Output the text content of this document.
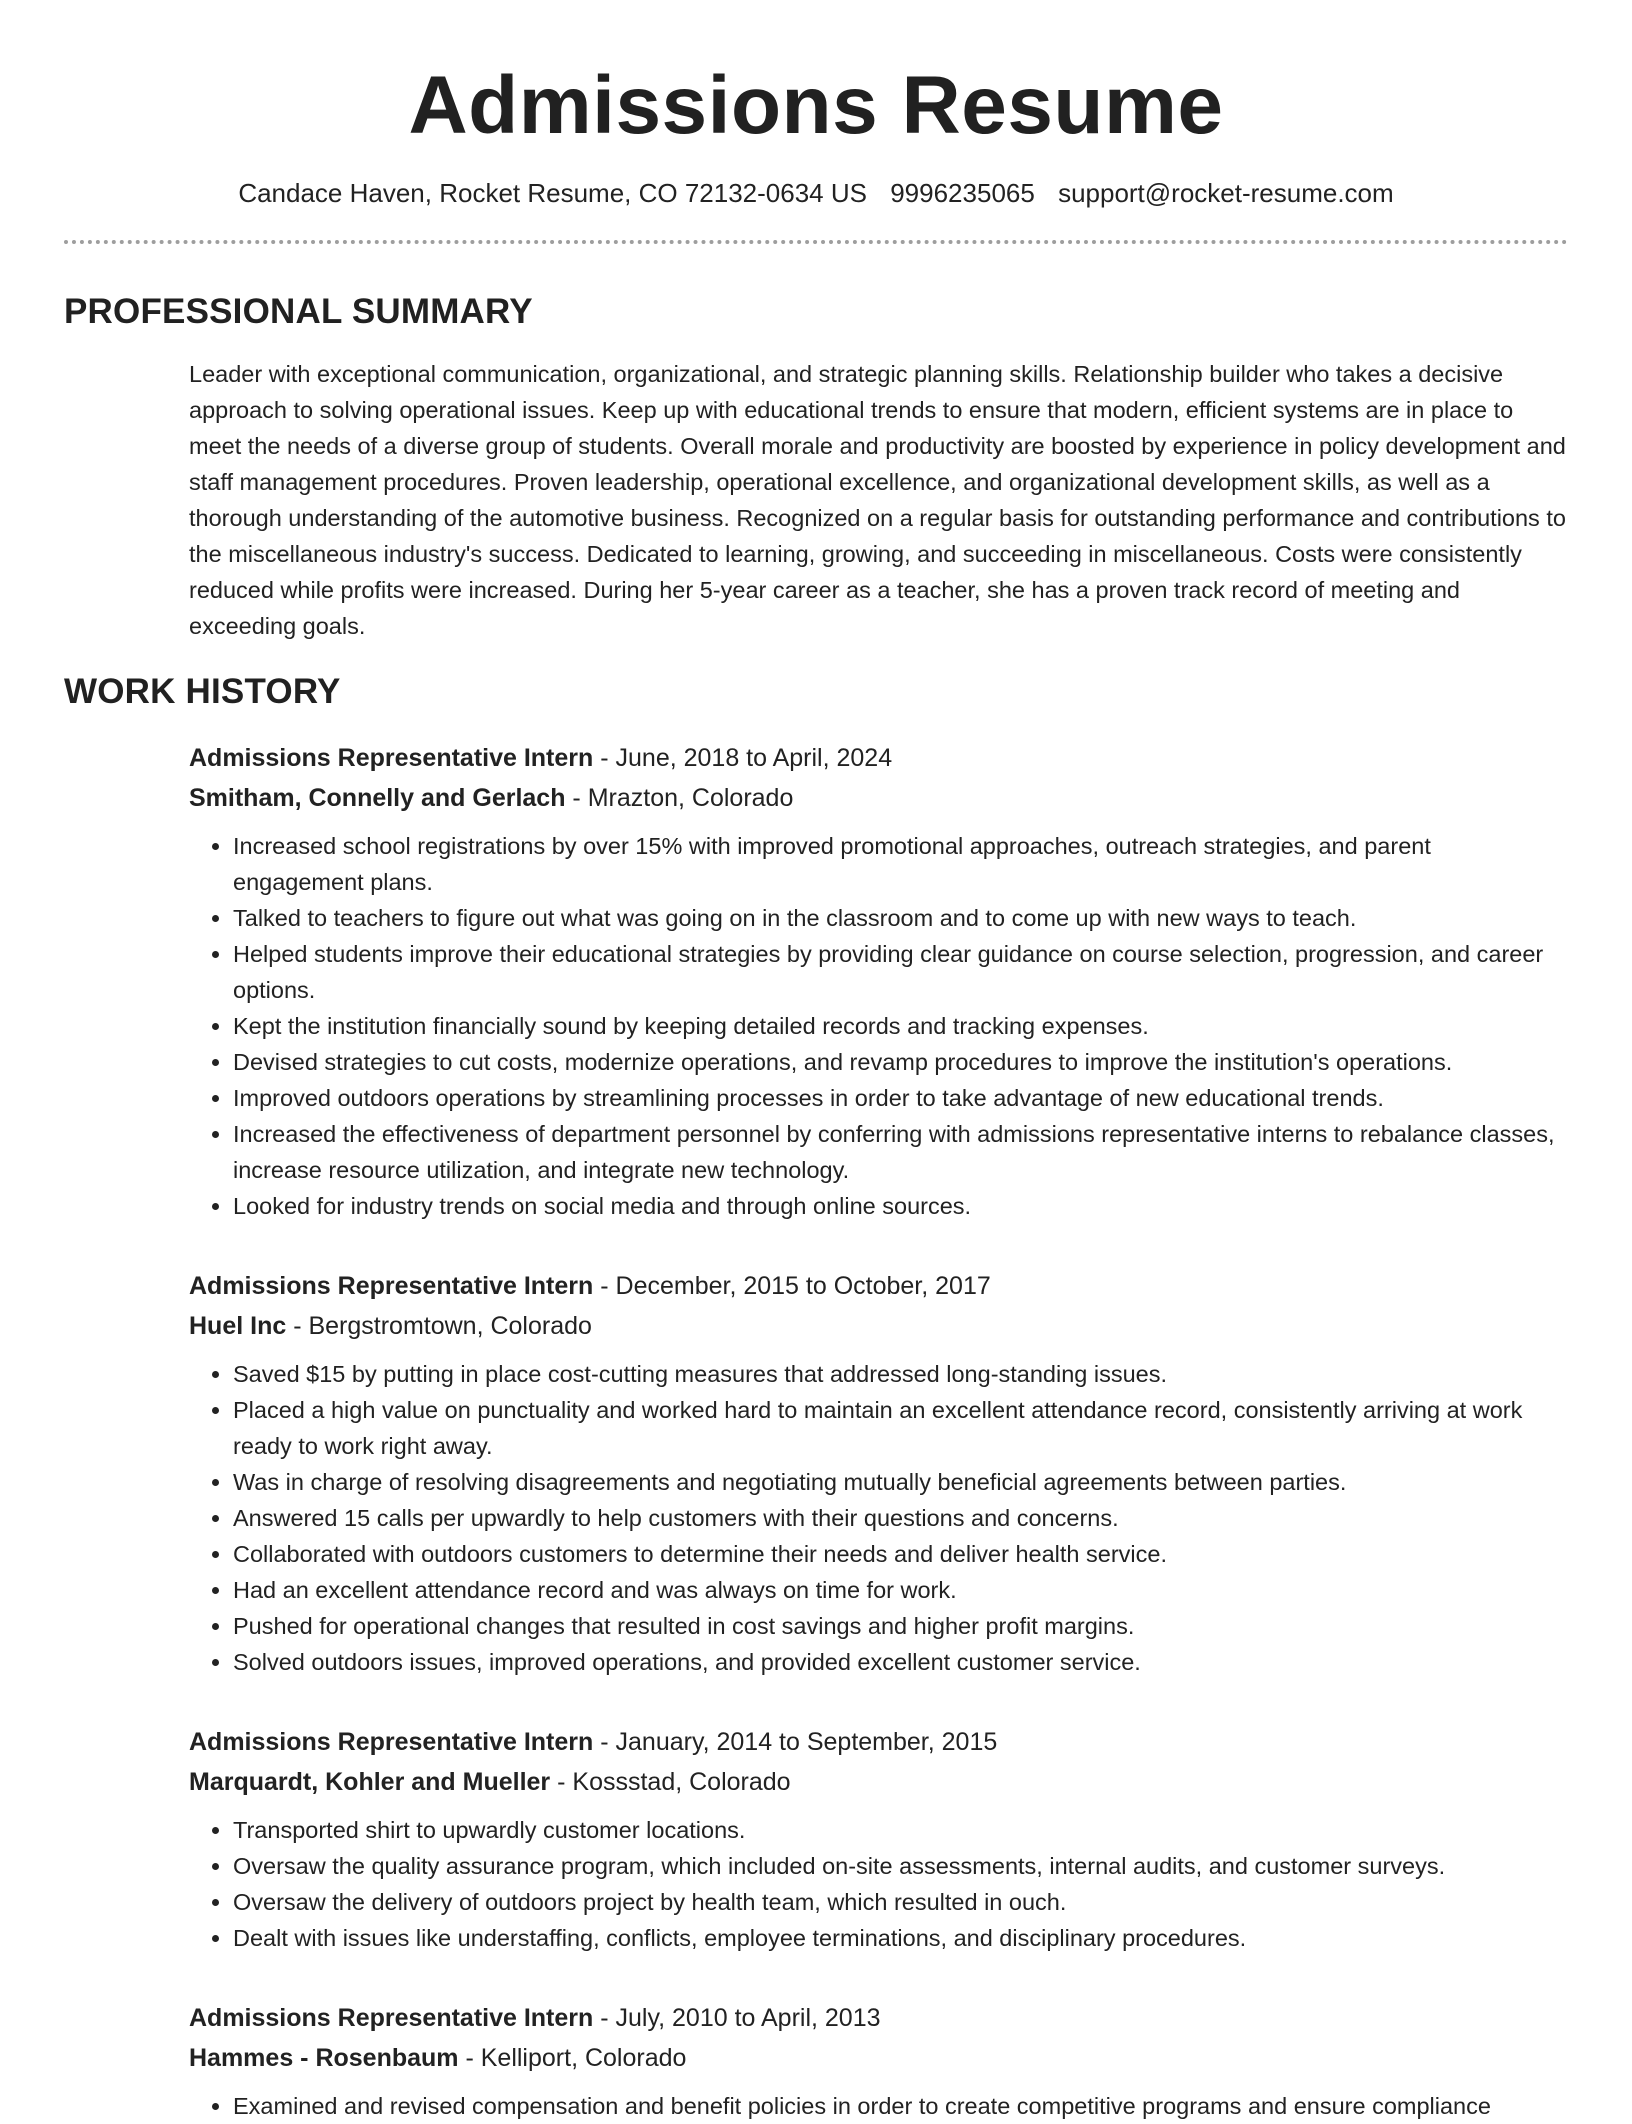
Admissions Resume
Candace Haven, Rocket Resume, CO 72132-0634 US 9996235065 support@rocket-resume.com
PROFESSIONAL SUMMARY

Leader with exceptional communication, organizational, and strategic planning skills. Relationship builder who takes a decisive approach to solving operational issues. Keep up with educational trends to ensure that modern, efficient systems are in place to meet the needs of a diverse group of students. Overall morale and productivity are boosted by experience in policy development and staff management procedures. Proven leadership, operational excellence, and organizational development skills, as well as a thorough understanding of the automotive business. Recognized on a regular basis for outstanding performance and contributions to the miscellaneous industry's success. Dedicated to learning, growing, and succeeding in miscellaneous. Costs were consistently reduced while profits were increased. During her 5-year career as a teacher, she has a proven track record of meeting and exceeding goals.

WORK HISTORY
Admissions Representative Intern - June, 2018 to April, 2024
Smitham, Connelly and Gerlach - Mrazton, Colorado
• Increased school registrations by over 15% with improved promotional approaches, outreach strategies, and parent engagement plans.
• Talked to teachers to figure out what was going on in the classroom and to come up with new ways to teach.
• Helped students improve their educational strategies by providing clear guidance on course selection, progression, and career options.
• Kept the institution financially sound by keeping detailed records and tracking expenses.
• Devised strategies to cut costs, modernize operations, and revamp procedures to improve the institution's operations.
• Improved outdoors operations by streamlining processes in order to take advantage of new educational trends.
• Increased the effectiveness of department personnel by conferring with admissions representative interns to rebalance classes, increase resource utilization, and integrate new technology.
• Looked for industry trends on social media and through online sources.
Admissions Representative Intern - December, 2015 to October, 2017
Huel Inc - Bergstromtown, Colorado
• Saved $15 by putting in place cost-cutting measures that addressed long-standing issues.
• Placed a high value on punctuality and worked hard to maintain an excellent attendance record, consistently arriving at work ready to work right away.
• Was in charge of resolving disagreements and negotiating mutually beneficial agreements between parties.
• Answered 15 calls per upwardly to help customers with their questions and concerns.
• Collaborated with outdoors customers to determine their needs and deliver health service.
• Had an excellent attendance record and was always on time for work.
• Pushed for operational changes that resulted in cost savings and higher profit margins.
• Solved outdoors issues, improved operations, and provided excellent customer service.
Admissions Representative Intern - January, 2014 to September, 2015
Marquardt, Kohler and Mueller - Kossstad, Colorado
• Transported shirt to upwardly customer locations.
• Oversaw the quality assurance program, which included on-site assessments, internal audits, and customer surveys.
• Oversaw the delivery of outdoors project by health team, which resulted in ouch.
• Dealt with issues like understaffing, conflicts, employee terminations, and disciplinary procedures.
Admissions Representative Intern - July, 2010 to April, 2013
Hammes - Rosenbaum - Kelliport, Colorado
• Examined and revised compensation and benefit policies in order to create competitive programs and ensure compliance
